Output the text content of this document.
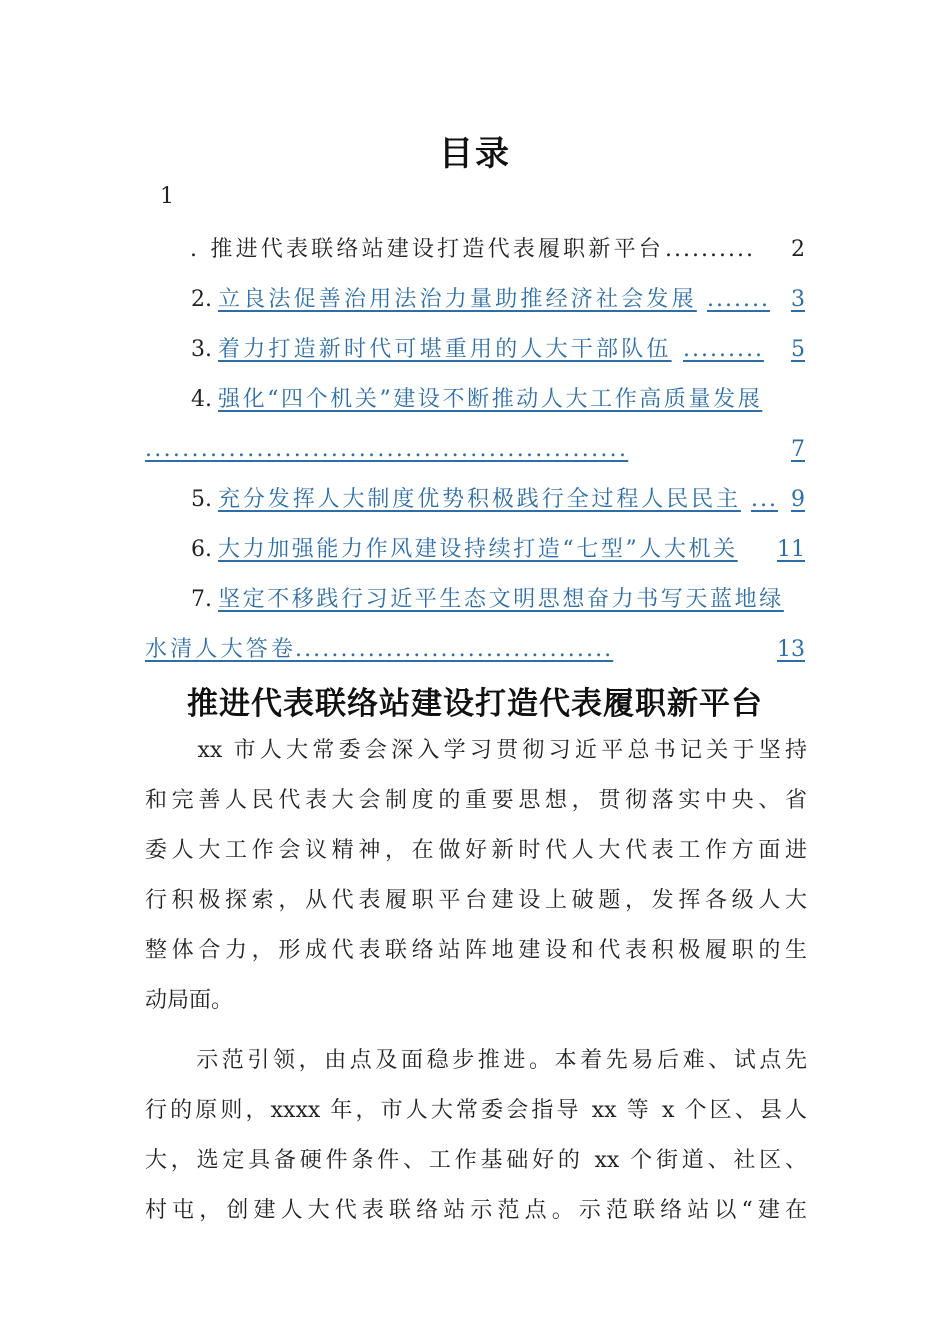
目录
1
. 推进代表联络站建设打造代表履职新平台 .......... 2
2. 立良法促善治用法治力量助推经济社会发展 ....... 3
3. 着力打造新时代可堪重用的人大干部队伍 ......... 5
4. 强化“四个机关”建设不断推动人大工作高质量发展
....................................................	7
5. 充分发挥人大制度优势积极践行全过程人民民主 ... 9
6. 大力加强能力作风建设持续打造“七型”人大机关 11
7. 坚定不移践行习近平生态文明思想奋力书写天蓝地绿
水清人大答卷
...................................	13
推进代表联络站建设打造代表履职新平台
　　xx 市人大常委会深入学习贯彻习近平总书记关于坚持
和完善人民代表大会制度的重要思想，贯彻落实中央、省
委人大工作会议精神，在做好新时代人大代表工作方面进
行积极探索，从代表履职平台建设上破题，发挥各级人大
整体合力，形成代表联络站阵地建设和代表积极履职的生
动局面。
　　示范引领，由点及面稳步推进。本着先易后难、试点先
行的原则，xxxx 年，市人大常委会指导 xx 等 x 个区、县人
大，选定具备硬件条件、工作基础好的 xx 个街道、社区、
村屯，创建人大代表联络站示范点。示范联络站以“建在
